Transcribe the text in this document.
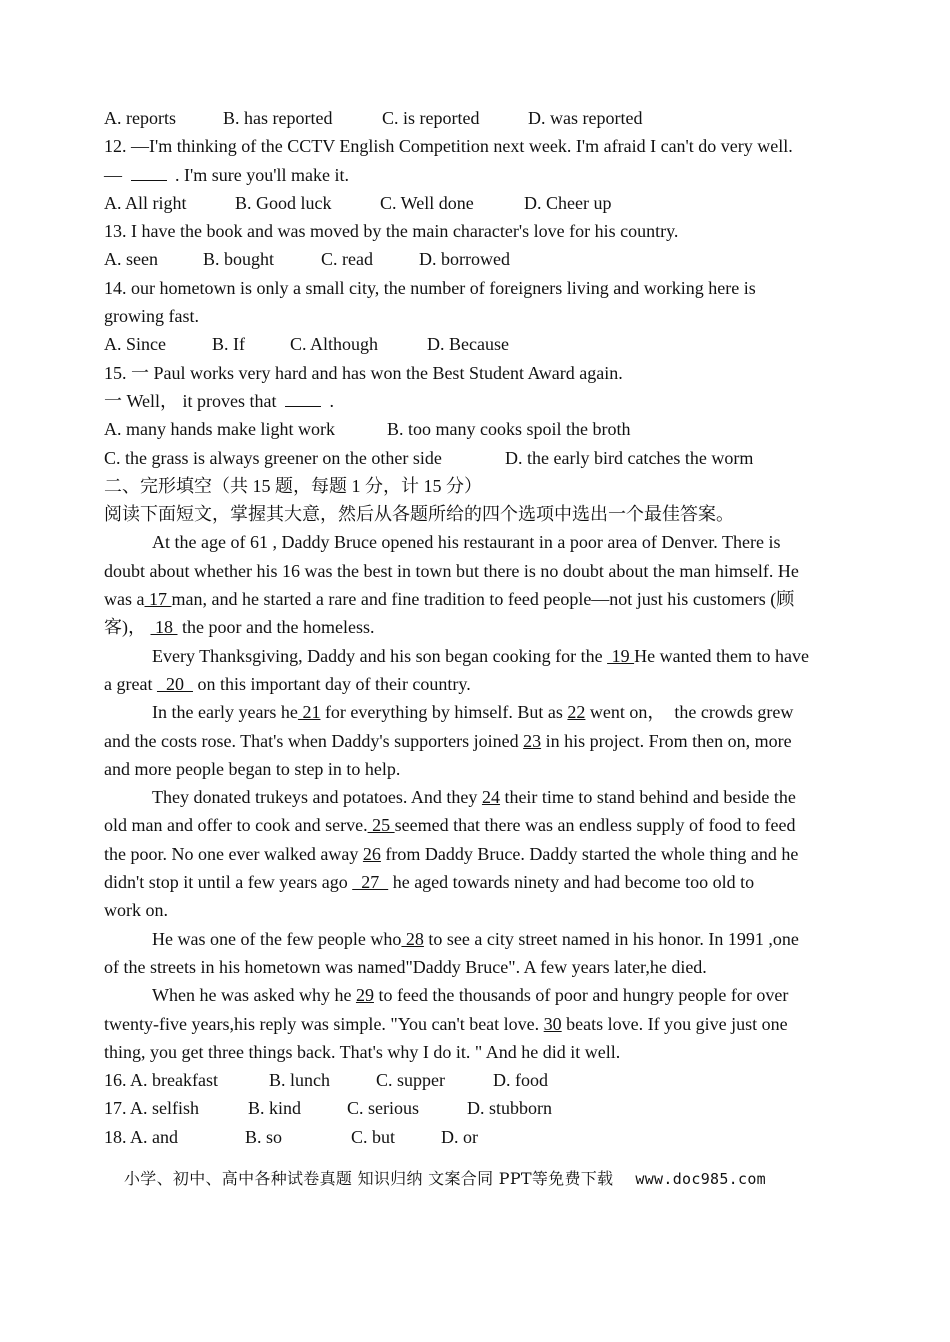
A. reports	B. has reported	C. is reported	D. was reported
12. —I'm thinking of the CCTV English Competition next week. I'm afraid I can't do very well.
—	. I'm sure you'll make it.
A. All right	B. Good luck	C. Well done	D. Cheer up
13. I have the book and was moved by the main character's love for his country.
A. seen	B. bought	C. read	D. borrowed
14. our hometown is only a small city, the number of foreigners living and working here is
growing fast.
A. Since	B. If	C. Although	D. Because
15. 一 Paul works very hard and has won the Best Student Award again.
一 Well， it proves that	.
A. many hands make light work	B. too many cooks spoil the broth
C. the grass is always greener on the other side	D. the early bird catches the worm
二、完形填空（共 15 题，每题 1 分，计 15 分）
阅读下面短文，掌握其大意，然后从各题所给的四个选项中选出一个最佳答案。
At the age of 61 , Daddy Bruce opened his restaurant in a poor area of Denver. There is
doubt about whether his 16 was the best in town but there is no doubt about the man himself. He
was a 17 man, and he started a rare and fine tradition to feed people—not just his customers (顾
客)，  18  the poor and the homeless.
Every Thanksgiving, Daddy and his son began cooking for the  19 He wanted them to have
a great   20   on this important day of their country.
In the early years he 21 for everything by himself. But as 22 went on，  the crowds grew
and the costs rose. That's when Daddy's supporters joined 23 in his project. From then on, more
and more people began to step in to help.
They donated trukeys and potatoes. And they 24 their time to stand behind and beside the
old man and offer to cook and serve. 25 seemed that there was an endless supply of food to feed
the poor. No one ever walked away 26 from Daddy Bruce. Daddy started the whole thing and he
didn't stop it until a few years ago   27   he aged towards ninety and had become too old to
work on.
He was one of the few people who 28 to see a city street named in his honor. In 1991 ,one
of the streets in his hometown was named"Daddy Bruce". A few years later,he died.
When he was asked why he 29 to feed the thousands of poor and hungry people for over
twenty-five years,his reply was simple. "You can't beat love. 30 beats love. If you give just one
thing, you get three things back. That's why I do it. " And he did it well.
16. A. breakfast	B. lunch	C. supper	D. food
17. A. selfish	B. kind	C. serious	D. stubborn
18. A. and	B. so	C. but	D. or
小学、初中、高中各种试卷真题 知识归纳 文案合同 PPT等免费下载 www.doc985.com
